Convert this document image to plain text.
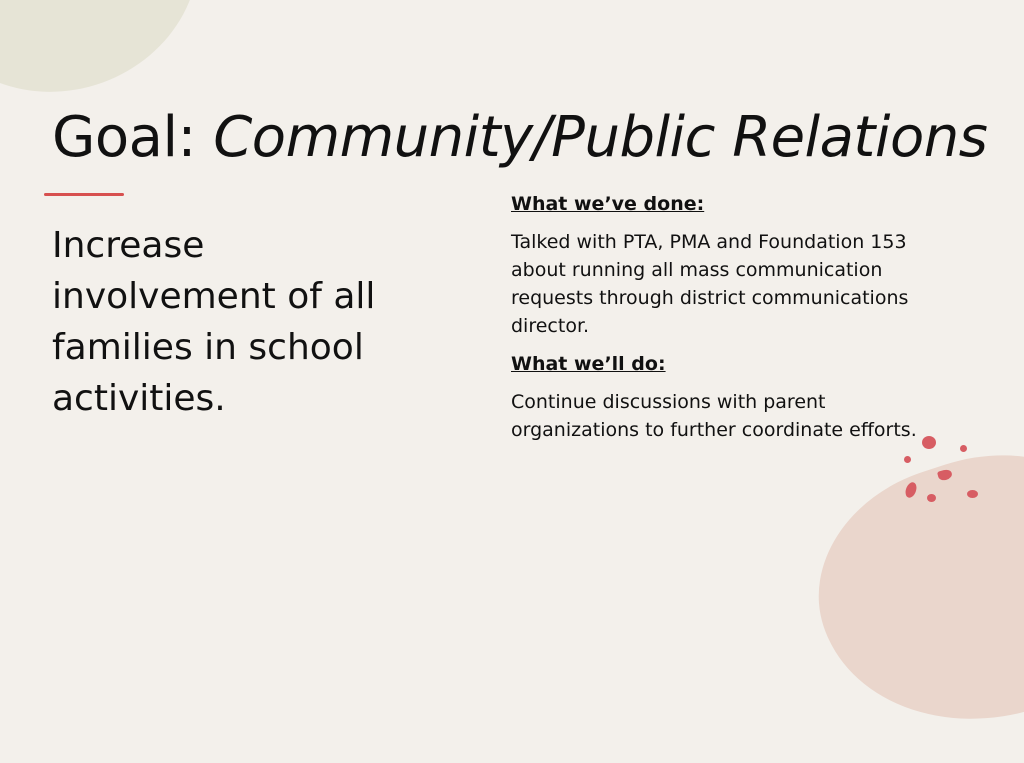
Goal: Community/Public Relations

Increase involvement of all families in school activities.

What we’ve done:

Talked with PTA, PMA and Foundation 153 about running all mass communication requests through district communications director.

What we’ll do:

Continue discussions with parent organizations to further coordinate efforts.
